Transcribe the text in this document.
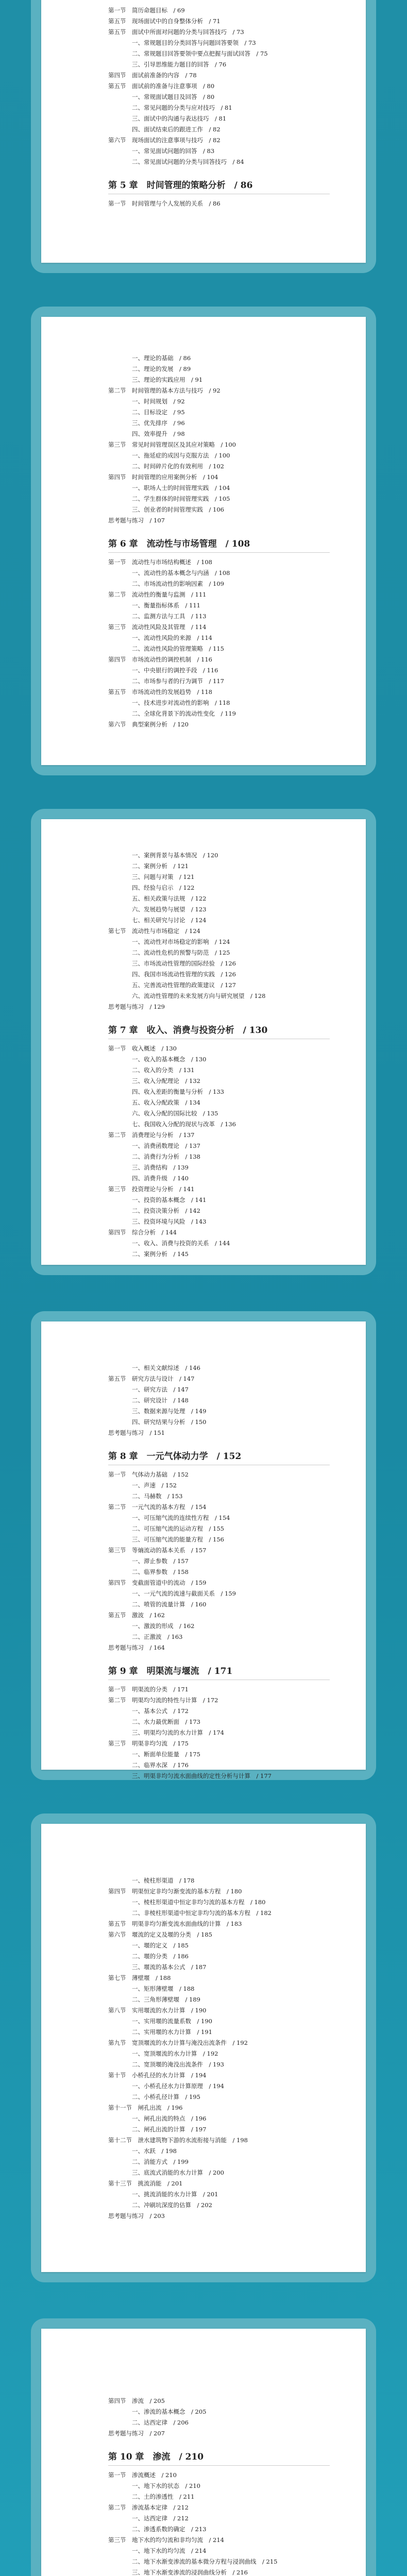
第一节　简历命题目标　/ 69
第五节　现场面试中的自身整体分析　/ 71
第五节　面试中所面对问题的分类与回答技巧　/ 73
一、常规题目的分类回答与问题回答要领　/ 73
二、常规题目回答要领中要点把握与面试回答　/ 75
三、引导思维能力题目的回答　/ 76
第四节　面试前准备的内容　/ 78
第五节　面试前的准备与注意事项　/ 80
一、常规面试题目及回答　/ 80
二、常见问题的分类与应对技巧　/ 81
三、面试中的沟通与表达技巧　/ 81
四、面试结束后的跟进工作　/ 82
第六节　现场面试的注意事项与技巧　/ 82
一、常见面试问题的回答　/ 83
二、常见面试问题的分类与回答技巧　/ 84
第 5 章　时间管理的策略分析　/ 86
第一节　时间管理与个人发展的关系　/ 86
一、理论的基础　/ 86
二、理论的发展　/ 89
三、理论的实践应用　/ 91
第二节　时间管理的基本方法与技巧　/ 92
一、时间规划　/ 92
二、目标设定　/ 95
三、优先排序　/ 96
四、效率提升　/ 98
第三节　常见时间管理误区及其应对策略　/ 100
一、拖延症的成因与克服方法　/ 100
二、时间碎片化的有效利用　/ 102
第四节　时间管理的应用案例分析　/ 104
一、职场人士的时间管理实践　/ 104
二、学生群体的时间管理实践　/ 105
三、创业者的时间管理实践　/ 106
思考题与练习　/ 107
第 6 章　流动性与市场管理　/ 108
第一节　流动性与市场结构概述　/ 108
一、流动性的基本概念与内涵　/ 108
二、市场流动性的影响因素　/ 109
第二节　流动性的衡量与监测　/ 111
一、衡量指标体系　/ 111
二、监测方法与工具　/ 113
第三节　流动性风险及其管理　/ 114
一、流动性风险的来源　/ 114
二、流动性风险的管理策略　/ 115
第四节　市场流动性的调控机制　/ 116
一、中央银行的调控手段　/ 116
二、市场参与者的行为调节　/ 117
第五节　市场流动性的发展趋势　/ 118
一、技术进步对流动性的影响　/ 118
二、全球化背景下的流动性变化　/ 119
第六节　典型案例分析　/ 120
一、案例背景与基本情况　/ 120
二、案例分析　/ 121
三、问题与对策　/ 121
四、经验与启示　/ 122
五、相关政策与法规　/ 122
六、发展趋势与展望　/ 123
七、相关研究与讨论　/ 124
第七节　流动性与市场稳定　/ 124
一、流动性对市场稳定的影响　/ 124
二、流动性危机的预警与防范　/ 125
三、市场流动性管理的国际经验　/ 126
四、我国市场流动性管理的实践　/ 126
五、完善流动性管理的政策建议　/ 127
六、流动性管理的未来发展方向与研究展望　/ 128
思考题与练习　/ 129
第 7 章　收入、消费与投资分析　/ 130
第一节　收入概述　/ 130
一、收入的基本概念　/ 130
二、收入的分类　/ 131
三、收入分配理论　/ 132
四、收入差距的衡量与分析　/ 133
五、收入分配政策　/ 134
六、收入分配的国际比较　/ 135
七、我国收入分配的现状与改革　/ 136
第二节　消费理论与分析　/ 137
一、消费函数理论　/ 137
二、消费行为分析　/ 138
三、消费结构　/ 139
四、消费升级　/ 140
第三节　投资理论与分析　/ 141
一、投资的基本概念　/ 141
二、投资决策分析　/ 142
三、投资环境与风险　/ 143
第四节　综合分析　/ 144
一、收入、消费与投资的关系　/ 144
二、案例分析　/ 145
一、相关文献综述　/ 146
第五节　研究方法与设计　/ 147
一、研究方法　/ 147
二、研究设计　/ 148
三、数据来源与处理　/ 149
四、研究结果与分析　/ 150
思考题与练习　/ 151
第 8 章　一元气体动力学　/ 152
第一节　气体动力基础　/ 152
一、声速　/ 152
二、马赫数　/ 153
第二节　一元气流的基本方程　/ 154
一、可压缩气流的连续性方程　/ 154
二、可压缩气流的运动方程　/ 155
三、可压缩气流的能量方程　/ 156
第三节　等熵流动的基本关系　/ 157
一、滞止参数　/ 157
二、临界参数　/ 158
第四节　变截面管道中的流动　/ 159
一、一元气流的流速与截面关系　/ 159
二、喷管的流量计算　/ 160
第五节　激波　/ 162
一、激波的形成　/ 162
二、正激波　/ 163
思考题与练习　/ 164
第 9 章　明渠流与堰流　/ 171
第一节　明渠流的分类　/ 171
第二节　明渠均匀流的特性与计算　/ 172
一、基本公式　/ 172
二、水力最优断面　/ 173
三、明渠均匀流的水力计算　/ 174
第三节　明渠非均匀流　/ 175
一、断面单位能量　/ 175
二、临界水深　/ 176
三、明渠非均匀流水面曲线的定性分析与计算　/ 177
一、棱柱形渠道　/ 178
第四节　明渠恒定非均匀渐变流的基本方程　/ 180
一、棱柱形渠道中恒定非均匀流的基本方程　/ 180
二、非棱柱形渠道中恒定非均匀流的基本方程　/ 182
第五节　明渠非均匀渐变流水面曲线的计算　/ 183
第六节　堰流的定义及堰的分类　/ 185
一、堰的定义　/ 185
二、堰的分类　/ 186
三、堰流的基本公式　/ 187
第七节　薄壁堰　/ 188
一、矩形薄壁堰　/ 188
二、三角形薄壁堰　/ 189
第八节　实用堰流的水力计算　/ 190
一、实用堰的流量系数　/ 190
二、实用堰的水力计算　/ 191
第九节　宽顶堰流的水力计算与淹没出流条件　/ 192
一、宽顶堰流的水力计算　/ 192
二、宽顶堰的淹没出流条件　/ 193
第十节　小桥孔径的水力计算　/ 194
一、小桥孔径水力计算原理　/ 194
二、小桥孔径计算　/ 195
第十一节　闸孔出流　/ 196
一、闸孔出流的特点　/ 196
二、闸孔出流的计算　/ 197
第十二节　泄水建筑物下游的水流衔接与消能　/ 198
一、水跃　/ 198
二、消能方式　/ 199
三、底流式消能的水力计算　/ 200
第十三节　挑流消能　/ 201
一、挑流消能的水力计算　/ 201
二、冲刷坑深度的估算　/ 202
思考题与练习　/ 203
第四节　渗流　/ 205
一、渗流的基本概念　/ 205
二、达西定律　/ 206
思考题与练习　/ 207
第 10 章　渗流　/ 210
第一节　渗流概述　/ 210
一、地下水的状态　/ 210
二、土的渗透性　/ 211
第二节　渗流基本定律　/ 212
一、达西定律　/ 212
二、渗透系数的确定　/ 213
第三节　地下水的均匀流和非均匀流　/ 214
一、地下水的均匀流　/ 214
二、地下水渐变渗流的基本微分方程与浸润曲线　/ 215
三、地下水渐变渗流的浸润曲线分析　/ 216
